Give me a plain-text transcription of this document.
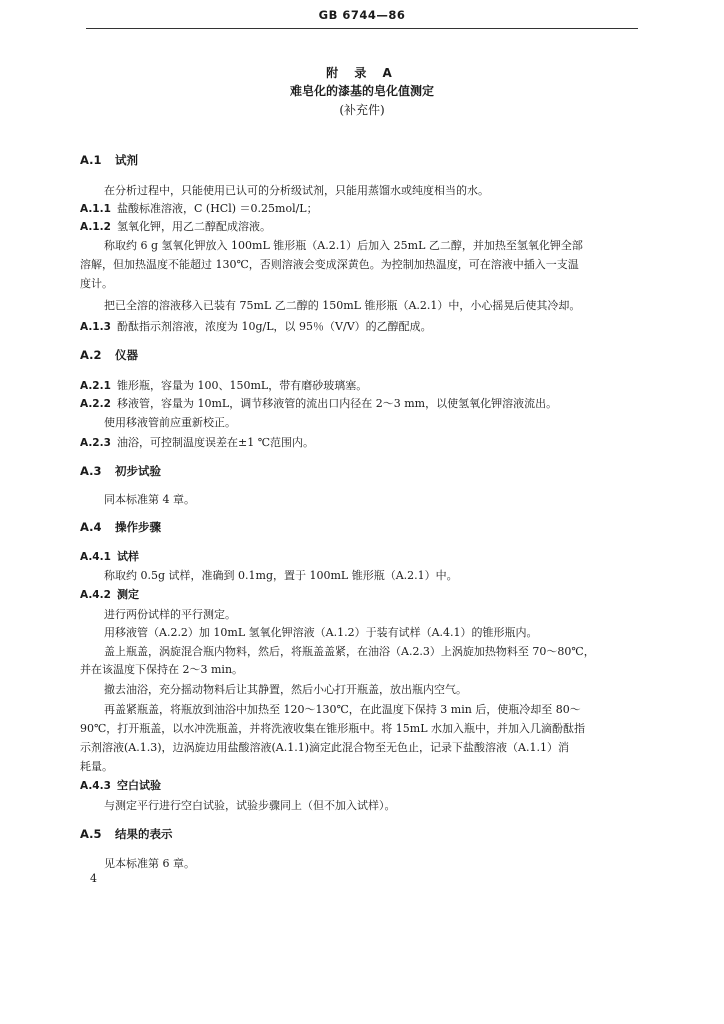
GB 6744—86
附 录 A
难皂化的漆基的皂化值测定
(补充件)
A.1 试剂
在分析过程中，只能使用已认可的分析级试剂，只能用蒸馏水或纯度相当的水。
A.1.1 盐酸标准溶液，C (HCl) ＝0.25mol/L；
A.1.2 氢氧化钾，用乙二醇配成溶液。
称取约 6 g 氢氧化钾放入 100mL 锥形瓶（A.2.1）后加入 25mL 乙二醇，并加热至氢氧化钾全部
溶解，但加热温度不能超过 130℃，否则溶液会变成深黄色。为控制加热温度，可在溶液中插入一支温
度计。
把已全溶的溶液移入已装有 75mL 乙二醇的 150mL 锥形瓶（A.2.1）中，小心摇晃后使其冷却。
A.1.3 酚酞指示剂溶液，浓度为 10g/L，以 95％（V/V）的乙醇配成。
A.2 仪器
A.2.1 锥形瓶，容量为 100、150mL，带有磨砂玻璃塞。
A.2.2 移液管，容量为 10mL，调节移液管的流出口内径在 2～3 mm，以使氢氧化钾溶液流出。
使用移液管前应重新校正。
A.2.3 油浴，可控制温度误差在±1 ℃范围内。
A.3 初步试验
同本标准第 4 章。
A.4 操作步骤
A.4.1 试样
称取约 0.5g 试样，准确到 0.1mg，置于 100mL 锥形瓶（A.2.1）中。
A.4.2 测定
进行两份试样的平行测定。
用移液管（A.2.2）加 10mL 氢氧化钾溶液（A.1.2）于装有试样（A.4.1）的锥形瓶内。
盖上瓶盖，涡旋混合瓶内物料，然后，将瓶盖盖紧，在油浴（A.2.3）上涡旋加热物料至 70～80℃，
并在该温度下保持在 2～3 min。
撤去油浴，充分摇动物料后让其静置，然后小心打开瓶盖，放出瓶内空气。
再盖紧瓶盖，将瓶放到油浴中加热至 120～130℃，在此温度下保持 3 min 后，使瓶冷却至 80～
90℃，打开瓶盖，以水冲洗瓶盖，并将洗液收集在锥形瓶中。将 15mL 水加入瓶中，并加入几滴酚酞指
示剂溶液(A.1.3)，边涡旋边用盐酸溶液(A.1.1)滴定此混合物至无色止，记录下盐酸溶液（A.1.1）消
耗量。
A.4.3 空白试验
与测定平行进行空白试验，试验步骤同上（但不加入试样）。
A.5 结果的表示
见本标准第 6 章。
4
